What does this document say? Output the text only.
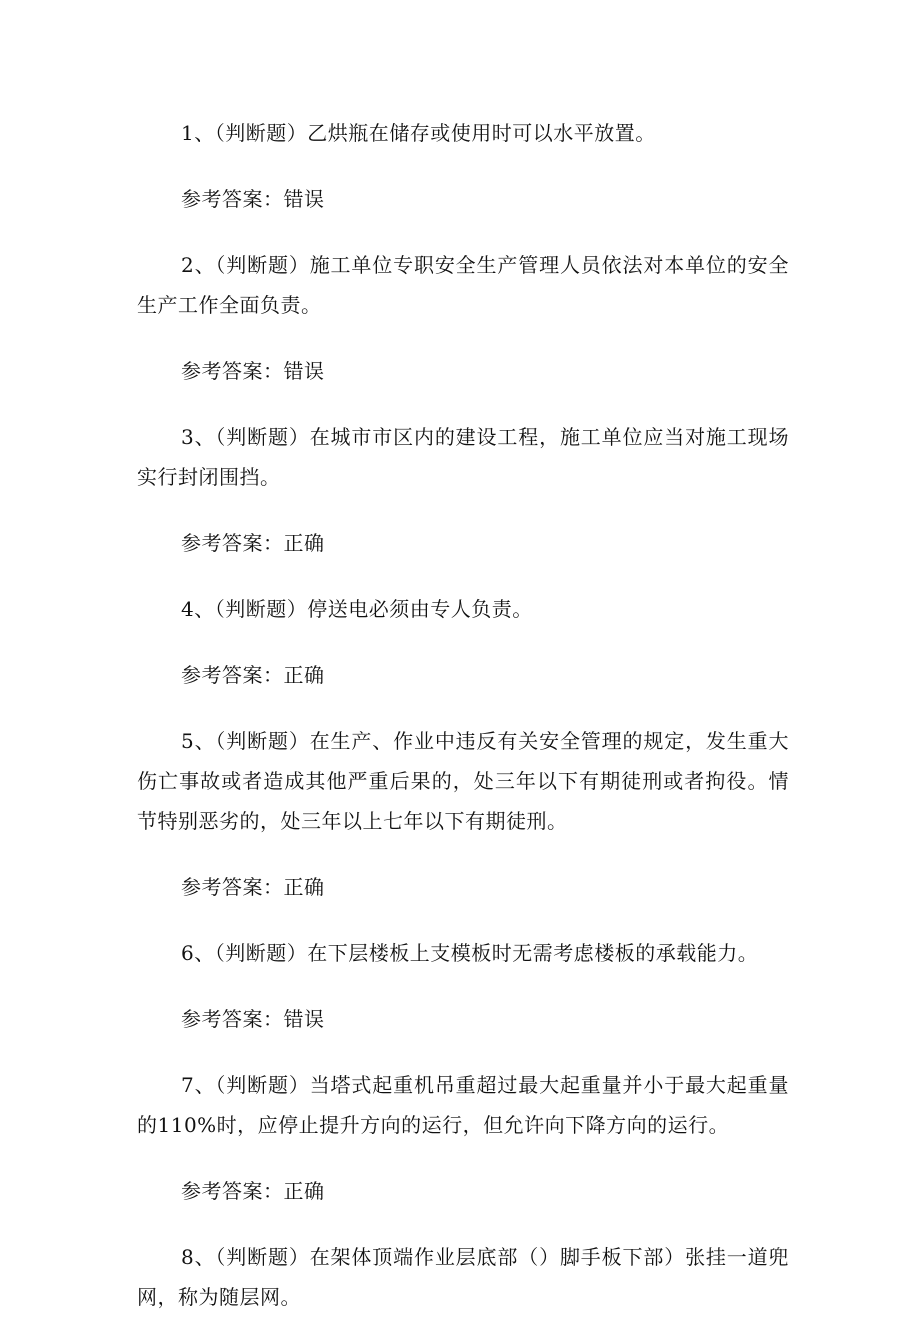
1、（判断题）乙烘瓶在储存或使用时可以水平放置。

参考答案：错误

2、（判断题）施工单位专职安全生产管理人员依法对本单位的安全生产工作全面负责。

参考答案：错误

3、（判断题）在城市市区内的建设工程，施工单位应当对施工现场实行封闭围挡。

参考答案：正确

4、（判断题）停送电必须由专人负责。

参考答案：正确

5、（判断题）在生产、作业中违反有关安全管理的规定，发生重大伤亡事故或者造成其他严重后果的，处三年以下有期徒刑或者拘役。情节特别恶劣的，处三年以上七年以下有期徒刑。

参考答案：正确

6、（判断题）在下层楼板上支模板时无需考虑楼板的承载能力。

参考答案：错误

7、（判断题）当塔式起重机吊重超过最大起重量并小于最大起重量的110%时，应停止提升方向的运行，但允许向下降方向的运行。

参考答案：正确

8、（判断题）在架体顶端作业层底部（）脚手板下部）张挂一道兜网，称为随层网。
